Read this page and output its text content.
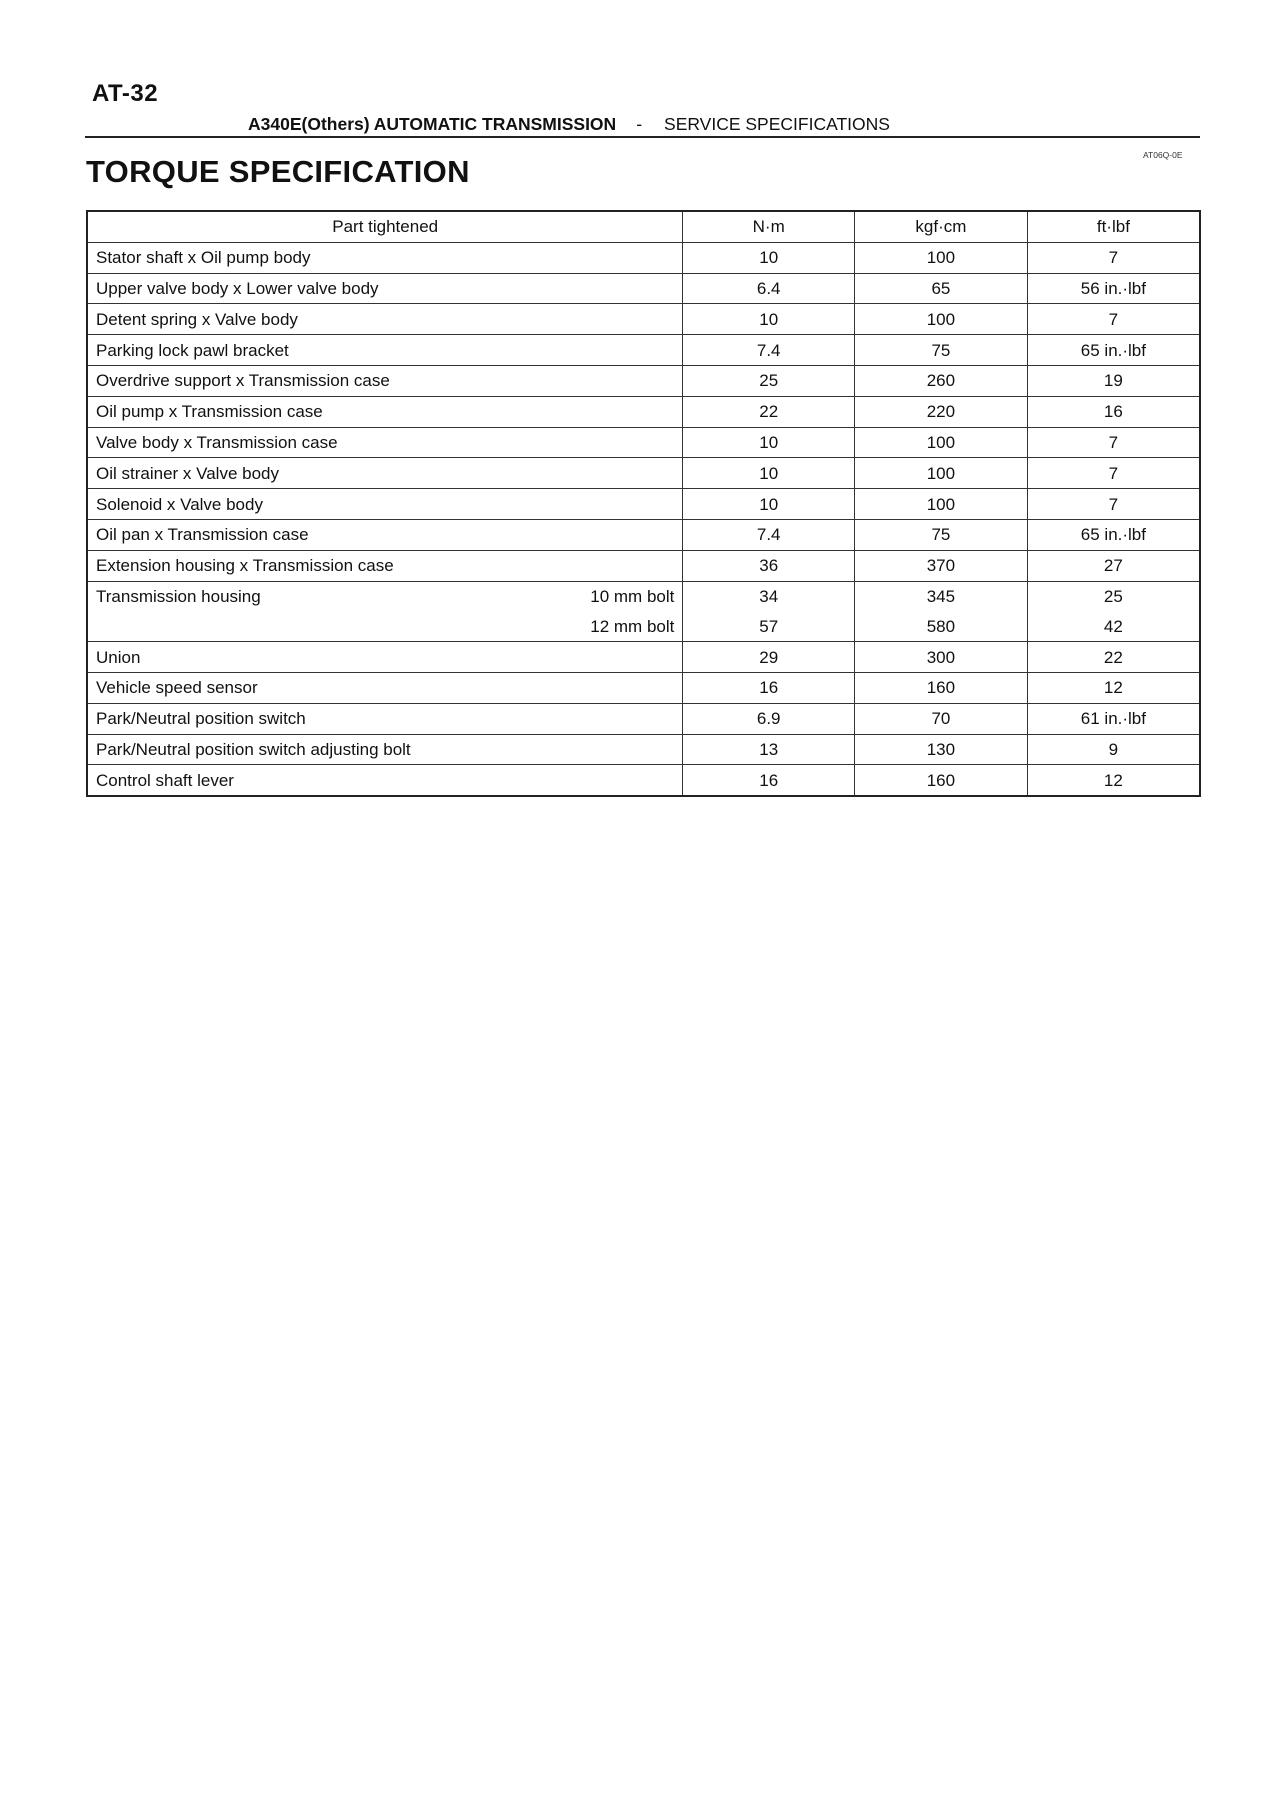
AT-32
A340E(Others) AUTOMATIC TRANSMISSION - SERVICE SPECIFICATIONS
AT06Q-0E
TORQUE SPECIFICATION
Part tightened	N·m	kgf·cm	ft·lbf
Stator shaft x Oil pump body	10	100	7
Upper valve body x Lower valve body	6.4	65	56 in.·lbf
Detent spring x Valve body	10	100	7
Parking lock pawl bracket	7.4	75	65 in.·lbf
Overdrive support x Transmission case	25	260	19
Oil pump x Transmission case	22	220	16
Valve body x Transmission case	10	100	7
Oil strainer x Valve body	10	100	7
Solenoid x Valve body	10	100	7
Oil pan x Transmission case	7.4	75	65 in.·lbf
Extension housing x Transmission case	36	370	27

Transmission housing 10 mm bolt	34	345	25

12 mm bolt	57	580	42
Union	29	300	22
Vehicle speed sensor	16	160	12
Park/Neutral position switch	6.9	70	61 in.·lbf
Park/Neutral position switch adjusting bolt	13	130	9
Control shaft lever	16	160	12
